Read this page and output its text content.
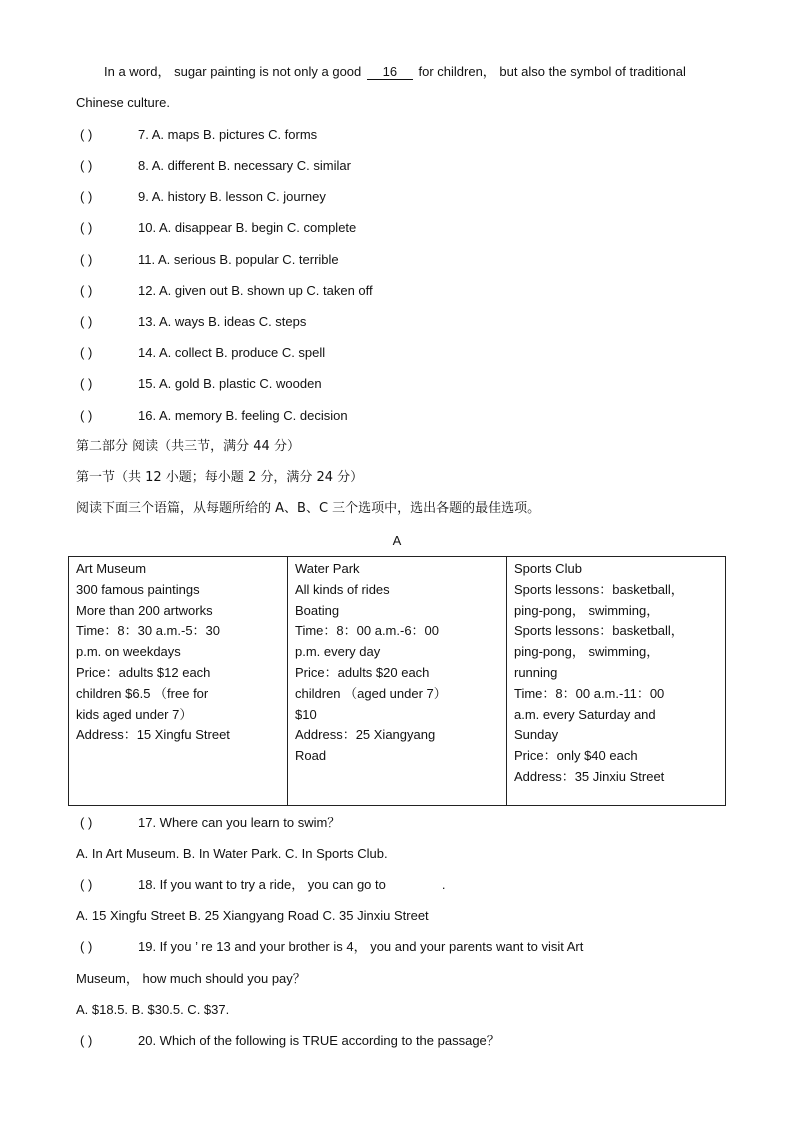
In a word， sugar painting is not only a good 16 for children， but also the symbol of traditional
Chinese culture.
( )	7. A. maps B. pictures C. forms
( )	8. A. different B. necessary C. similar
( )	9. A. history B. lesson C. journey
( )	10. A. disappear B. begin C. complete
( )	11. A. serious B. popular C. terrible
( )	12. A. given out B. shown up C. taken off
( )	13. A. ways B. ideas C. steps
( )	14. A. collect B. produce C. spell
( )	15. A. gold B. plastic C. wooden
( )	16. A. memory B. feeling C. decision
第二部分 阅读（共三节，满分 44 分）
第一节（共 12 小题；每小题 2 分，满分 24 分）
阅读下面三个语篇，从每题所给的 A、B、C 三个选项中，选出各题的最佳选项。
A
Art Museum
300 famous paintings
More than 200 artworks
Time：8：30 a.m.-5：30
p.m. on weekdays
Price：adults $12 each
children $6.5 （free for
kids aged under 7）
Address：15 Xingfu Street

Water Park
All kinds of rides
Boating
Time：8：00 a.m.-6：00
p.m. every day
Price：adults $20 each
children （aged under 7）
$10
Address：25 Xiangyang
Road

Sports Club
Sports lessons：basketball，
ping-pong， swimming，
Sports lessons：basketball，
ping-pong， swimming，
running
Time：8：00 a.m.-11：00
a.m. every Saturday and
Sunday
Price：only $40 each
Address：35 Jinxiu Street
( )	17. Where can you learn to swim？
A. In Art Museum. B. In Water Park. C. In Sports Club.
( )	18. If you want to try a ride， you can go to	.
A. 15 Xingfu Street B. 25 Xiangyang Road C. 35 Jinxiu Street
( )	19. If you ’ re 13 and your brother is 4， you and your parents want to visit Art
Museum， how much should you pay？
A. $18.5. B. $30.5. C. $37.
( )	20. Which of the following is TRUE according to the passage？
